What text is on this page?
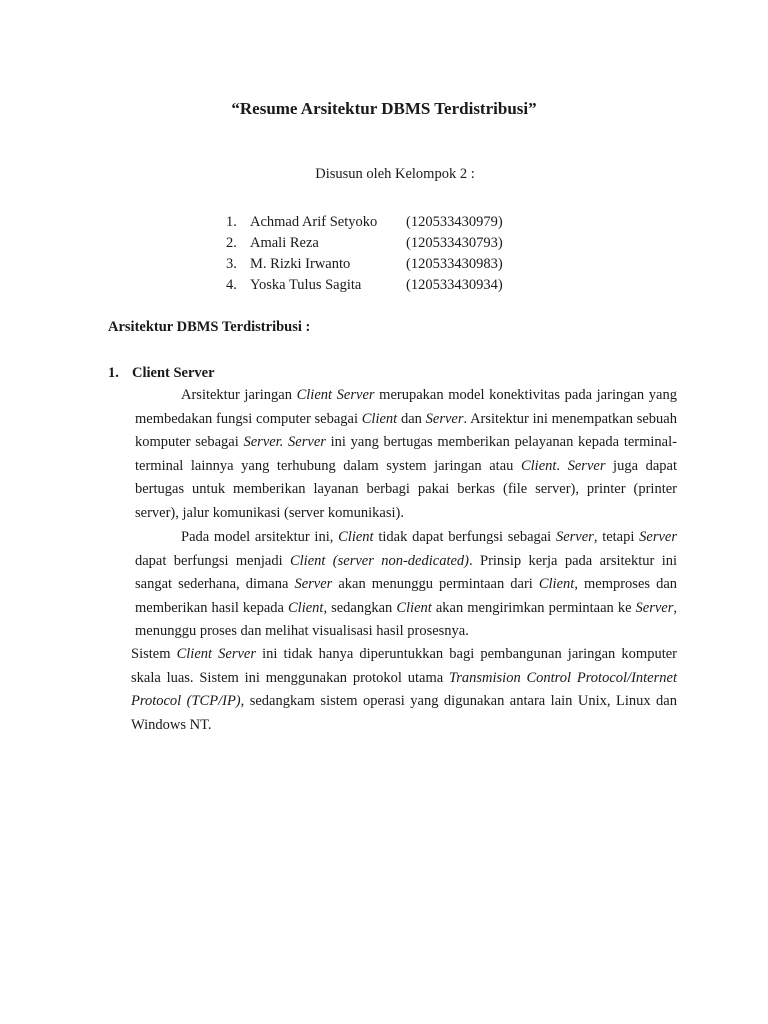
“Resume Arsitektur DBMS Terdistribusi”
Disusun oleh Kelompok 2 :
1. Achmad Arif Setyoko (120533430979)
2. Amali Reza	(120533430793)
3. M. Rizki Irwanto	(120533430983)
4. Yoska Tulus Sagita	(120533430934)
Arsitektur DBMS Terdistribusi :
1. Client Server

Arsitektur jaringan Client Server merupakan model konektivitas pada jaringan yang membedakan fungsi computer sebagai Client dan Server. Arsitektur ini menempatkan sebuah komputer sebagai Server. Server ini yang bertugas memberikan pelayanan kepada terminal-terminal lainnya yang terhubung dalam system jaringan atau Client. Server juga dapat bertugas untuk memberikan layanan berbagi pakai berkas (file server), printer (printer server), jalur komunikasi (server komunikasi).

Pada model arsitektur ini, Client tidak dapat berfungsi sebagai Server, tetapi Server dapat berfungsi menjadi Client (server non-dedicated). Prinsip kerja pada arsitektur ini sangat sederhana, dimana Server akan menunggu permintaan dari Client, memproses dan memberikan hasil kepada Client, sedangkan Client akan mengirimkan permintaan ke Server, menunggu proses dan melihat visualisasi hasil prosesnya.

Sistem Client Server ini tidak hanya diperuntukkan bagi pembangunan jaringan komputer skala luas. Sistem ini menggunakan protokol utama Transmision Control Protocol/Internet Protocol (TCP/IP), sedangkam sistem operasi yang digunakan antara lain Unix, Linux dan Windows NT.
